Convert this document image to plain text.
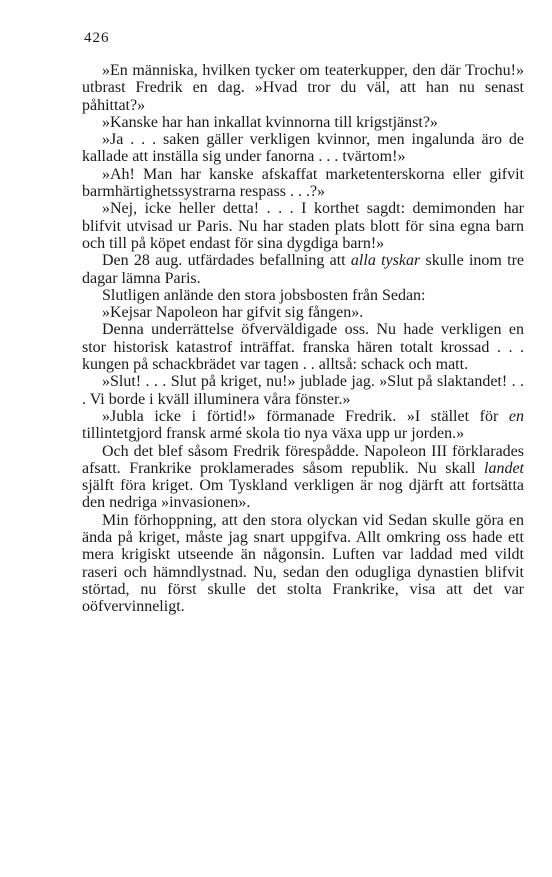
426

»En människa, hvilken tycker om teaterkupper, den där Trochu!» utbrast Fredrik en dag. »Hvad tror du väl, att han nu senast påhittat?»

»Kanske har han inkallat kvinnorna till krigstjänst?»

»Ja . . . saken gäller verkligen kvinnor, men ingalunda äro de kallade att inställa sig under fanorna . . . tvärtom!»

»Ah! Man har kanske afskaffat marketenterskorna eller gifvit barmhärtighetssystrarna respass . . .?»

»Nej, icke heller detta! . . . I korthet sagdt: demimonden har blifvit utvisad ur Paris. Nu har staden plats blott för sina egna barn och till på köpet endast för sina dygdiga barn!»

Den 28 aug. utfärdades befallning att alla tyskar skulle inom tre dagar lämna Paris.

Slutligen anlände den stora jobsbosten från Sedan:

»Kejsar Napoleon har gifvit sig fången».

Denna underrättelse öfverväldigade oss. Nu hade verkligen en stor historisk katastrof inträffat. franska hären totalt krossad . . . kungen på schackbrädet var tagen . . alltså: schack och matt.

»Slut! . . . Slut på kriget, nu!» jublade jag. »Slut på slaktandet! . . . Vi borde i kväll illuminera våra fönster.»

»Jubla icke i förtid!» förmanade Fredrik. »I stället för en tillintetgjord fransk armé skola tio nya växa upp ur jorden.»

Och det blef såsom Fredrik förespådde. Napoleon III förklarades afsatt. Frankrike proklamerades såsom republik. Nu skall landet själft föra kriget. Om Tyskland verkligen är nog djärft att fortsätta den nedriga »invasionen».

Min förhoppning, att den stora olyckan vid Sedan skulle göra en ända på kriget, måste jag snart uppgifva. Allt omkring oss hade ett mera krigiskt utseende än någonsin. Luften var laddad med vildt raseri och hämndlystnad. Nu, sedan den odugliga dynastien blifvit störtad, nu först skulle det stolta Frankrike, visa att det var oöfvervinneligt.
